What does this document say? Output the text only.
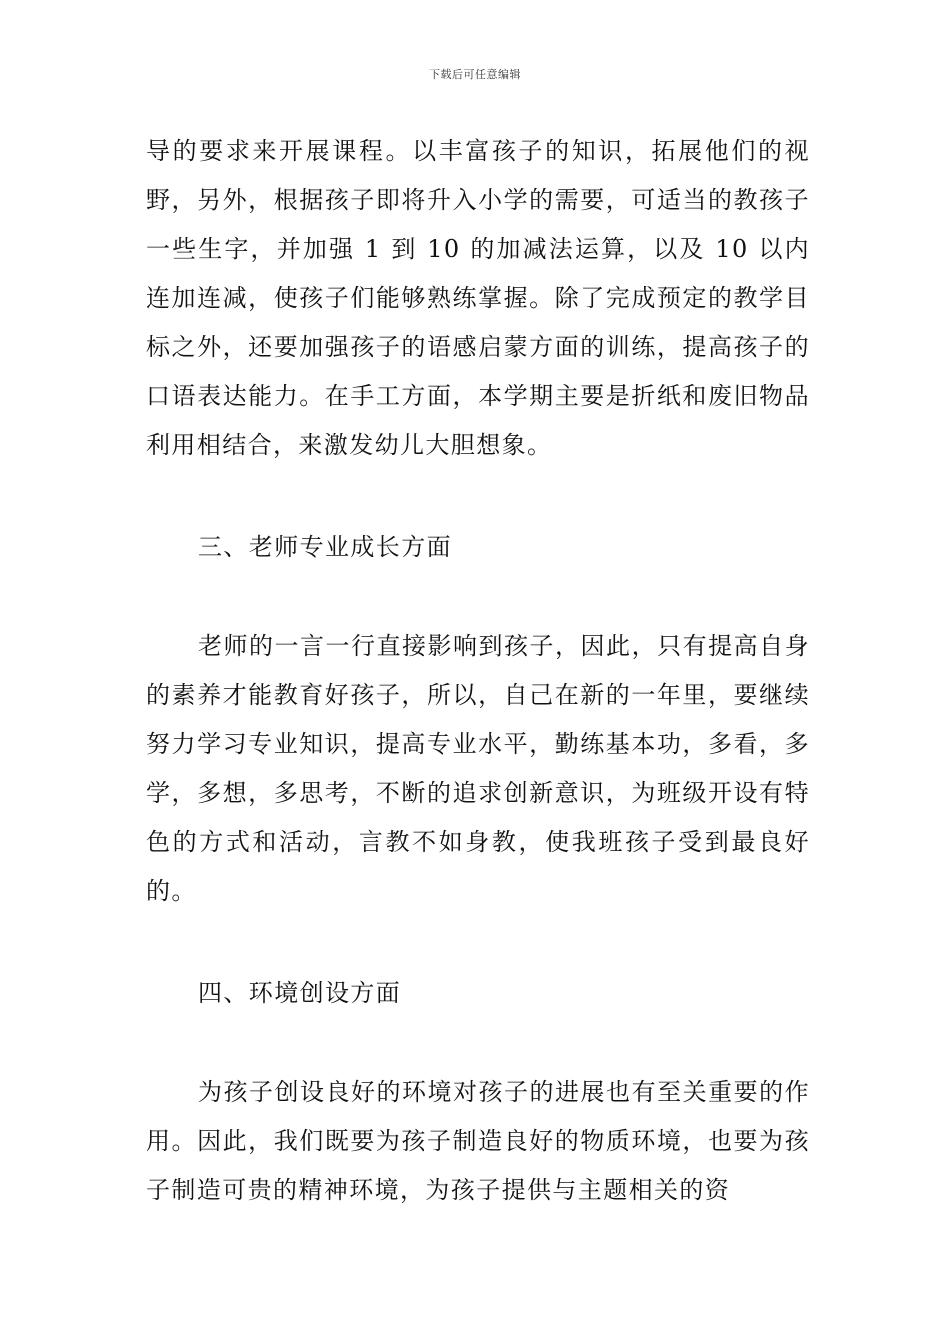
下载后可任意编辑

导的要求来开展课程。以丰富孩子的知识，拓展他们的视野，另外，根据孩子即将升入小学的需要，可适当的教孩子一些生字，并加强 1 到 10 的加减法运算，以及 10 以内连加连减，使孩子们能够熟练掌握。除了完成预定的教学目标之外，还要加强孩子的语感启蒙方面的训练，提高孩子的口语表达能力。在手工方面，本学期主要是折纸和废旧物品利用相结合，来激发幼儿大胆想象。

三、老师专业成长方面

老师的一言一行直接影响到孩子，因此，只有提高自身的素养才能教育好孩子，所以，自己在新的一年里，要继续努力学习专业知识，提高专业水平，勤练基本功，多看，多学，多想，多思考，不断的追求创新意识，为班级开设有特色的方式和活动，言教不如身教，使我班孩子受到最良好的。

四、环境创设方面

为孩子创设良好的环境对孩子的进展也有至关重要的作用。因此，我们既要为孩子制造良好的物质环境，也要为孩子制造可贵的精神环境，为孩子提供与主题相关的资
